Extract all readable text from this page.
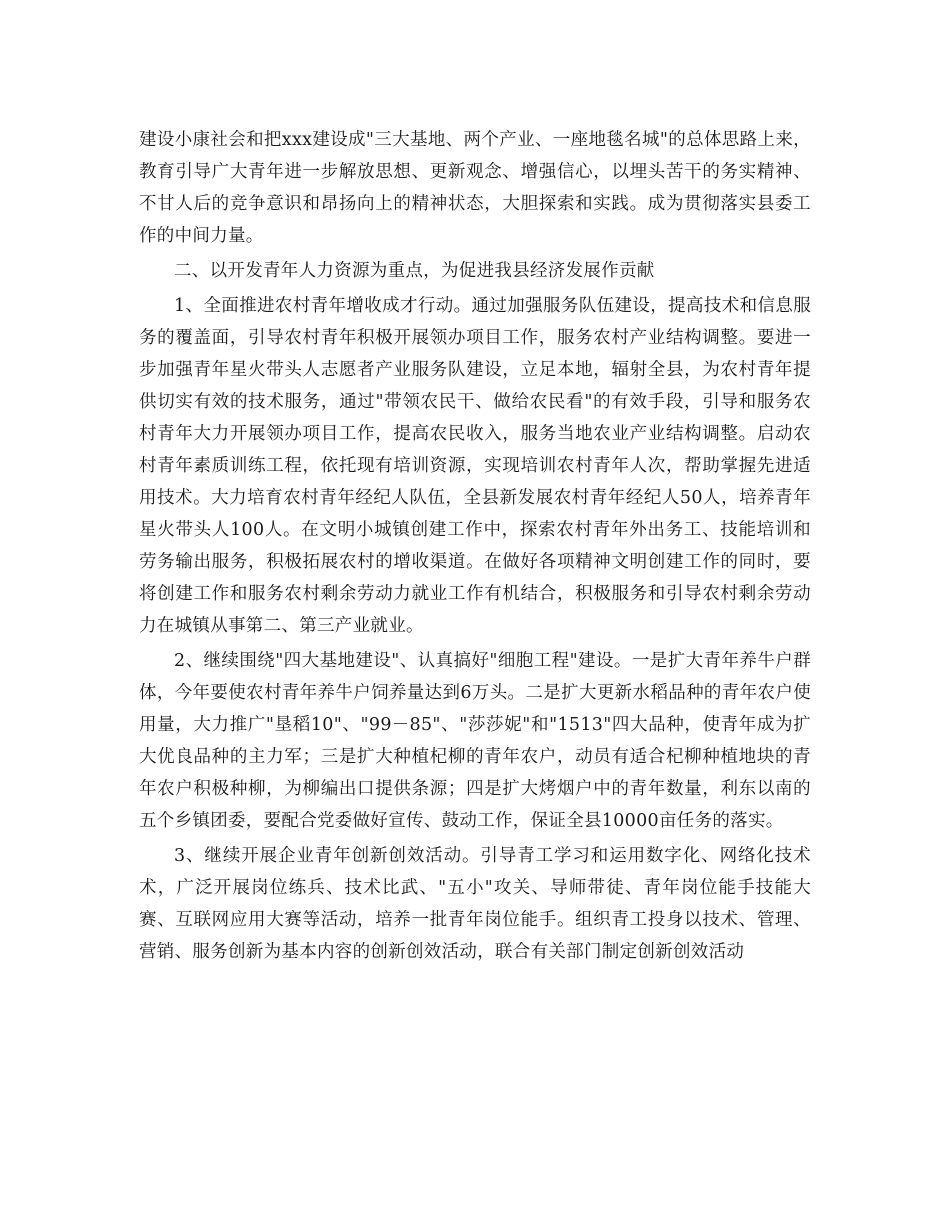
建设小康社会和把xxx建设成"三大基地、两个产业、一座地毯名城"的总体思路上来，教育引导广大青年进一步解放思想、更新观念、增强信心，以埋头苦干的务实精神、不甘人后的竞争意识和昂扬向上的精神状态，大胆探索和实践。成为贯彻落实县委工作的中间力量。

二、以开发青年人力资源为重点，为促进我县经济发展作贡献

1、全面推进农村青年增收成才行动。通过加强服务队伍建设，提高技术和信息服务的覆盖面，引导农村青年积极开展领办项目工作，服务农村产业结构调整。要进一步加强青年星火带头人志愿者产业服务队建设，立足本地，辐射全县，为农村青年提供切实有效的技术服务，通过"带领农民干、做给农民看"的有效手段，引导和服务农村青年大力开展领办项目工作，提高农民收入，服务当地农业产业结构调整。启动农村青年素质训练工程，依托现有培训资源，实现培训农村青年人次，帮助掌握先进适用技术。大力培育农村青年经纪人队伍，全县新发展农村青年经纪人50人，培养青年星火带头人100人。在文明小城镇创建工作中，探索农村青年外出务工、技能培训和劳务输出服务，积极拓展农村的增收渠道。在做好各项精神文明创建工作的同时，要将创建工作和服务农村剩余劳动力就业工作有机结合，积极服务和引导农村剩余劳动力在城镇从事第二、第三产业就业。

2、继续围绕"四大基地建设"、认真搞好"细胞工程"建设。一是扩大青年养牛户群体，今年要使农村青年养牛户饲养量达到6万头。二是扩大更新水稻品种的青年农户使用量，大力推广"垦稻10"、"99－85"、"莎莎妮"和"1513"四大品种，使青年成为扩大优良品种的主力军；三是扩大种植杞柳的青年农户，动员有适合杞柳种植地块的青年农户积极种柳，为柳编出口提供条源；四是扩大烤烟户中的青年数量，利东以南的五个乡镇团委，要配合党委做好宣传、鼓动工作，保证全县10000亩任务的落实。

3、继续开展企业青年创新创效活动。引导青工学习和运用数字化、网络化技术术，广泛开展岗位练兵、技术比武、"五小"攻关、导师带徒、青年岗位能手技能大赛、互联网应用大赛等活动，培养一批青年岗位能手。组织青工投身以技术、管理、营销、服务创新为基本内容的创新创效活动，联合有关部门制定创新创效活动
